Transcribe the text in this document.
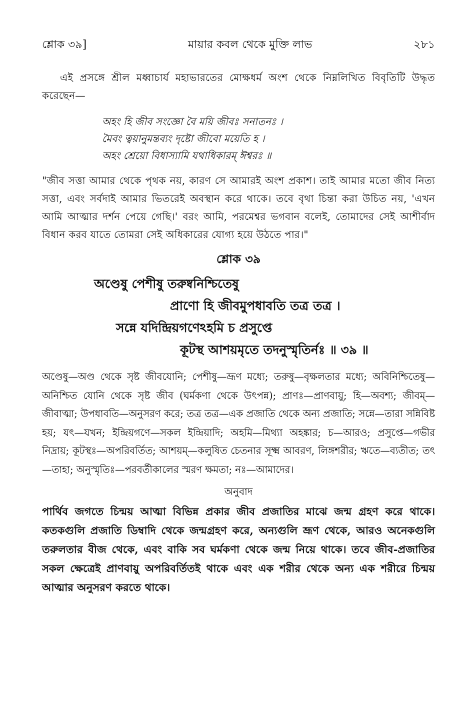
শ্লোক ৩৯]	মায়ার কবল থেকে মুক্তি লাভ	২৮১

এই প্রসঙ্গে শ্রীল মধ্বাচার্য মহাভারতের মোক্ষধর্ম অংশ থেকে নিম্নলিখিত বিবৃতিটি উদ্ধৃত করেছেন—

অহং হি জীব সংজ্ঞো বৈ ময়ি জীবঃ সনাতনঃ ।
মৈবং ত্বয়ানুমন্তব্যং দৃষ্টো জীবো ময়েতি হ ।
অহং শ্রেয়ো বিধাস্যামি যথাধিকারম্ ঈশ্বরঃ ॥

"জীব সত্তা আমার থেকে পৃথক নয়, কারণ সে আমারই অংশ প্রকাশ। তাই আমার মতো জীব নিত্য সত্তা, এবং সর্বদাই আমার ভিতরেই অবস্থান করে থাকে। তবে বৃথা চিন্তা করা উচিত নয়, 'এখন আমি আত্মার দর্শন পেয়ে গেছি।' বরং আমি, পরমেশ্বর ভগবান বলেই, তোমাদের সেই আশীর্বাদ বিধান করব যাতে তোমরা সেই অধিকারের যোগ্য হয়ে উঠতে পার।"

শ্লোক ৩৯
অণ্ডেষু পেশীষু তরুষ্বনিশ্চিতেষু
প্রাণো হি জীবমুপধাবতি তত্র তত্র ।
সন্নে যদিন্দ্রিয়গণেঽহমি চ প্রসুপ্তে
কূটস্থ আশয়মৃতে তদনুস্মৃতির্নঃ ॥ ৩৯ ॥
অণ্ডেষু—অণ্ড থেকে সৃষ্ট জীবযোনি; পেশীষু—ভ্রূণ মধ্যে; তরুষু—বৃক্ষলতার মধ্যে; অবিনিশ্চিতেষু—অনিশ্চিত যোনি থেকে সৃষ্ট জীব (ঘর্মকণা থেকে উৎপন্ন); প্রাণঃ—প্রাণবায়ু; হি—অবশ্য; জীবম্—জীবাত্মা; উপধাবতি—অনুসরণ করে; তত্র তত্র—এক প্রজাতি থেকে অন্য প্রজাতি; সন্নে—তারা সন্নিবিষ্ট হয়; যৎ—যখন; ইন্দ্রিয়গণে—সকল ইন্দ্রিয়াদি; অহমি—মিথ্যা অহঙ্কার; চ—আরও; প্রসুপ্তে—গভীর নিদ্রায়; কূটস্থঃ—অপরিবর্তিত; আশয়ম্—কলুষিত চেতনার সূক্ষ্ম আবরণ, লিঙ্গশরীর; ঋতে—ব্যতীত; তৎ—তাহা; অনুস্মৃতিঃ—পরবর্তীকালের স্মরণ ক্ষমতা; নঃ—আমাদের।
অনুবাদ

পার্থিব জগতে চিন্ময় আত্মা বিভিন্ন প্রকার জীব প্রজাতির মাঝে জন্ম গ্রহণ করে থাকে। কতকগুলি প্রজাতি ডিম্বাদি থেকে জন্মগ্রহণ করে, অন্যগুলি ভ্রূণ থেকে, আরও অনেকগুলি তরুলতার বীজ থেকে, এবং বাকি সব ঘর্মকণা থেকে জন্ম নিয়ে থাকে। তবে জীব-প্রজাতির সকল ক্ষেত্রেই প্রাণবায়ু অপরিবর্তিতই থাকে এবং এক শরীর থেকে অন্য এক শরীরে চিন্ময় আত্মার অনুসরণ করতে থাকে।
